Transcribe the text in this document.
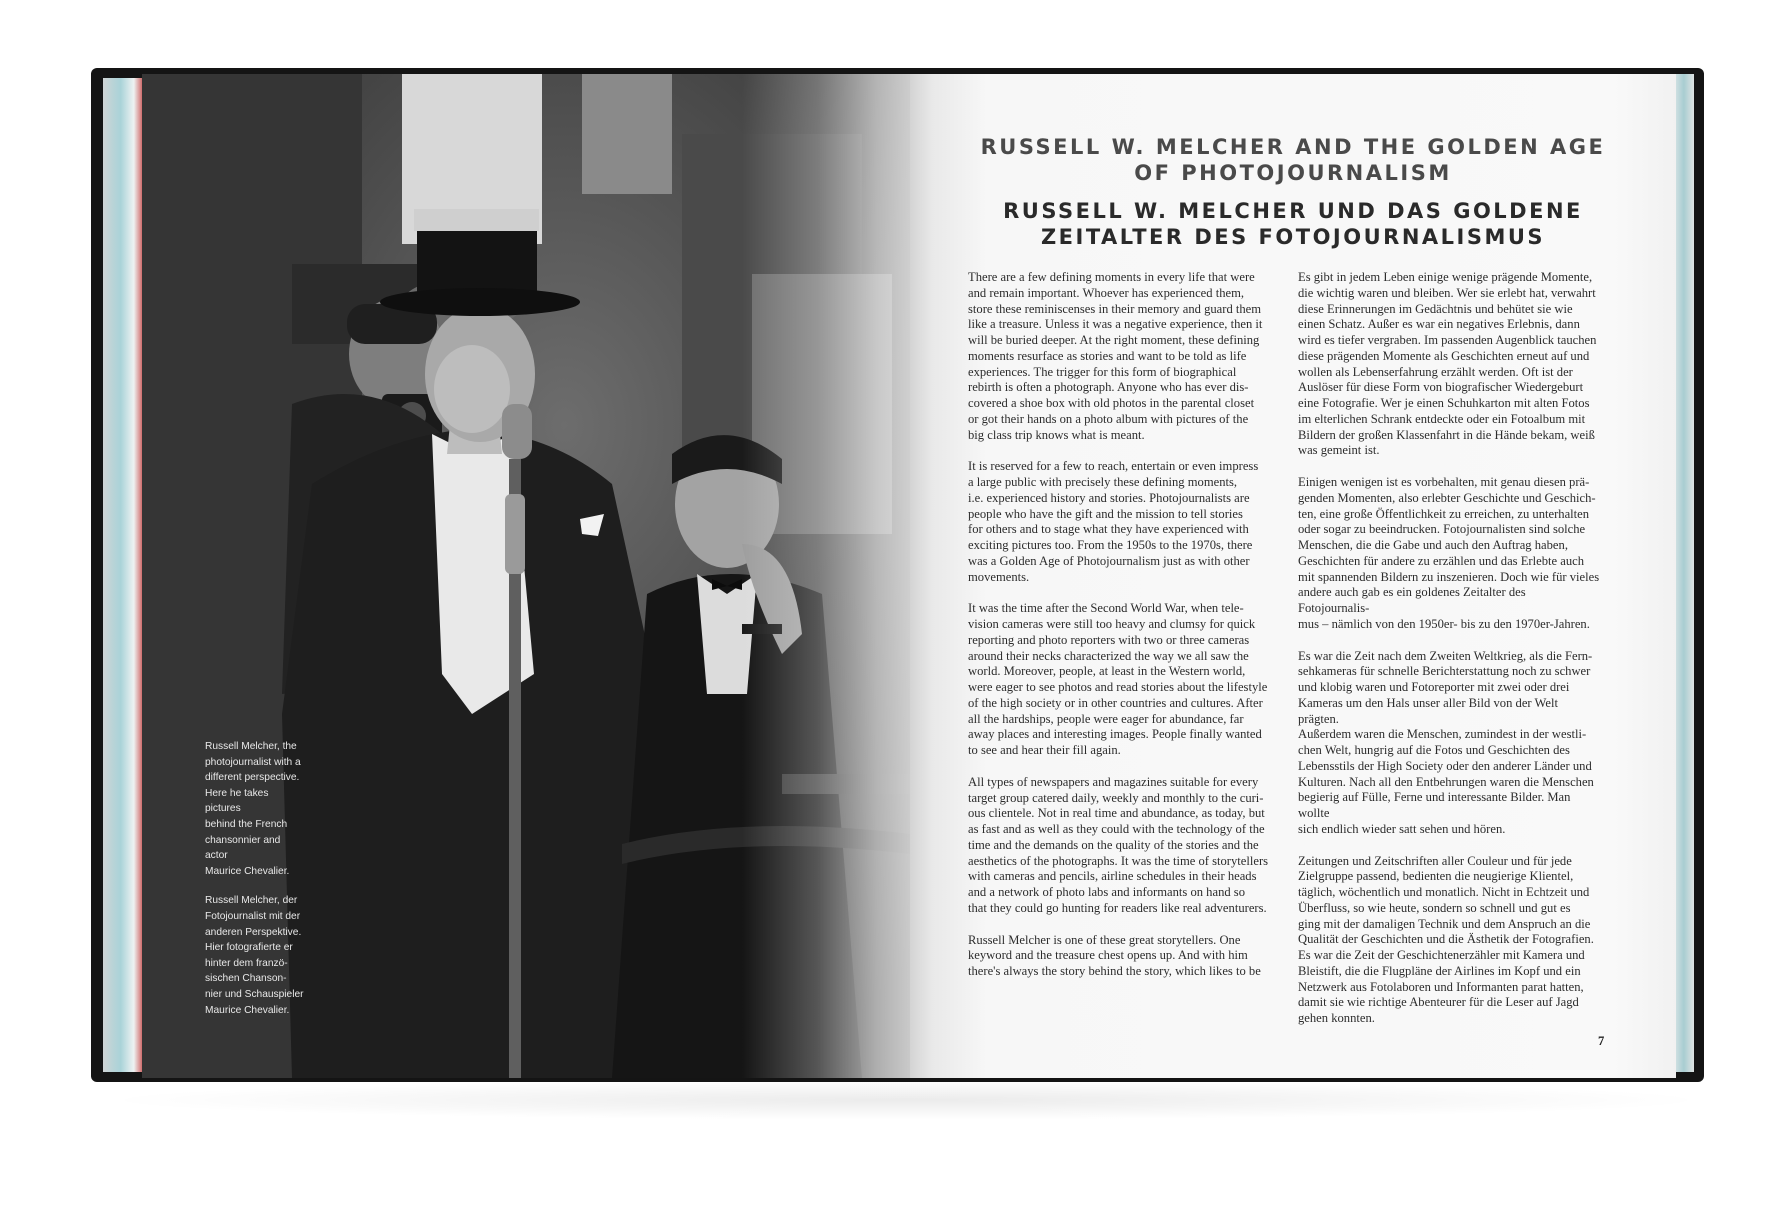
Russell Melcher, the
photojournalist with a
different perspective.
Here he takes pictures
behind the French
chansonnier and actor
Maurice Chevalier.

Russell Melcher, der
Fotojournalist mit der
anderen Perspektive.
Hier fotografierte er
hinter dem franzö-
sischen Chanson-
nier und Schauspieler
Maurice Chevalier.

RUSSELL W. MELCHER AND THE GOLDEN AGE
OF PHOTOJOURNALISM
RUSSELL W. MELCHER UND DAS GOLDENE
ZEITALTER DES FOTOJOURNALISMUS

There are a few defining moments in every life that were
and remain important. Whoever has experienced them,
store these reminiscenses in their memory and guard them
like a treasure. Unless it was a negative experience, then it
will be buried deeper. At the right moment, these defining
moments resurface as stories and want to be told as life
experiences. The trigger for this form of biographical
rebirth is often a photograph. Anyone who has ever dis-
covered a shoe box with old photos in the parental closet
or got their hands on a photo album with pictures of the
big class trip knows what is meant.

It is reserved for a few to reach, entertain or even impress
a large public with precisely these defining moments,
i.e. experienced history and stories. Photojournalists are
people who have the gift and the mission to tell stories
for others and to stage what they have experienced with
exciting pictures too. From the 1950s to the 1970s, there
was a Golden Age of Photojournalism just as with other
movements.

It was the time after the Second World War, when tele-
vision cameras were still too heavy and clumsy for quick
reporting and photo reporters with two or three cameras
around their necks characterized the way we all saw the
world. Moreover, people, at least in the Western world,
were eager to see photos and read stories about the lifestyle
of the high society or in other countries and cultures. After
all the hardships, people were eager for abundance, far
away places and interesting images. People finally wanted
to see and hear their fill again.

All types of newspapers and magazines suitable for every
target group catered daily, weekly and monthly to the curi-
ous clientele. Not in real time and abundance, as today, but
as fast and as well as they could with the technology of the
time and the demands on the quality of the stories and the
aesthetics of the photographs. It was the time of storytellers
with cameras and pencils, airline schedules in their heads
and a network of photo labs and informants on hand so
that they could go hunting for readers like real adventurers.

Russell Melcher is one of these great storytellers. One
keyword and the treasure chest opens up. And with him
there's always the story behind the story, which likes to be

Es gibt in jedem Leben einige wenige prägende Momente,
die wichtig waren und bleiben. Wer sie erlebt hat, verwahrt
diese Erinnerungen im Gedächtnis und behütet sie wie
einen Schatz. Außer es war ein negatives Erlebnis, dann
wird es tiefer vergraben. Im passenden Augenblick tauchen
diese prägenden Momente als Geschichten erneut auf und
wollen als Lebenserfahrung erzählt werden. Oft ist der
Auslöser für diese Form von biografischer Wiedergeburt
eine Fotografie. Wer je einen Schuhkarton mit alten Fotos
im elterlichen Schrank entdeckte oder ein Fotoalbum mit
Bildern der großen Klassenfahrt in die Hände bekam, weiß
was gemeint ist.

Einigen wenigen ist es vorbehalten, mit genau diesen prä-
genden Momenten, also erlebter Geschichte und Geschich-
ten, eine große Öffentlichkeit zu erreichen, zu unterhalten
oder sogar zu beeindrucken. Fotojournalisten sind solche
Menschen, die die Gabe und auch den Auftrag haben,
Geschichten für andere zu erzählen und das Erlebte auch
mit spannenden Bildern zu inszenieren. Doch wie für vieles
andere auch gab es ein goldenes Zeitalter des Fotojournalis-
mus – nämlich von den 1950er- bis zu den 1970er-Jahren.

Es war die Zeit nach dem Zweiten Weltkrieg, als die Fern-
sehkameras für schnelle Berichterstattung noch zu schwer
und klobig waren und Fotoreporter mit zwei oder drei
Kameras um den Hals unser aller Bild von der Welt prägten.
Außerdem waren die Menschen, zumindest in der westli-
chen Welt, hungrig auf die Fotos und Geschichten des
Lebensstils der High Society oder den anderer Länder und
Kulturen. Nach all den Entbehrungen waren die Menschen
begierig auf Fülle, Ferne und interessante Bilder. Man wollte
sich endlich wieder satt sehen und hören.

Zeitungen und Zeitschriften aller Couleur und für jede
Zielgruppe passend, bedienten die neugierige Klientel,
täglich, wöchentlich und monatlich. Nicht in Echtzeit und
Überfluss, so wie heute, sondern so schnell und gut es
ging mit der damaligen Technik und dem Anspruch an die
Qualität der Geschichten und die Ästhetik der Fotografien.
Es war die Zeit der Geschichtenerzähler mit Kamera und
Bleistift, die die Flugpläne der Airlines im Kopf und ein
Netzwerk aus Fotolaboren und Informanten parat hatten,
damit sie wie richtige Abenteurer für die Leser auf Jagd
gehen konnten.

7
